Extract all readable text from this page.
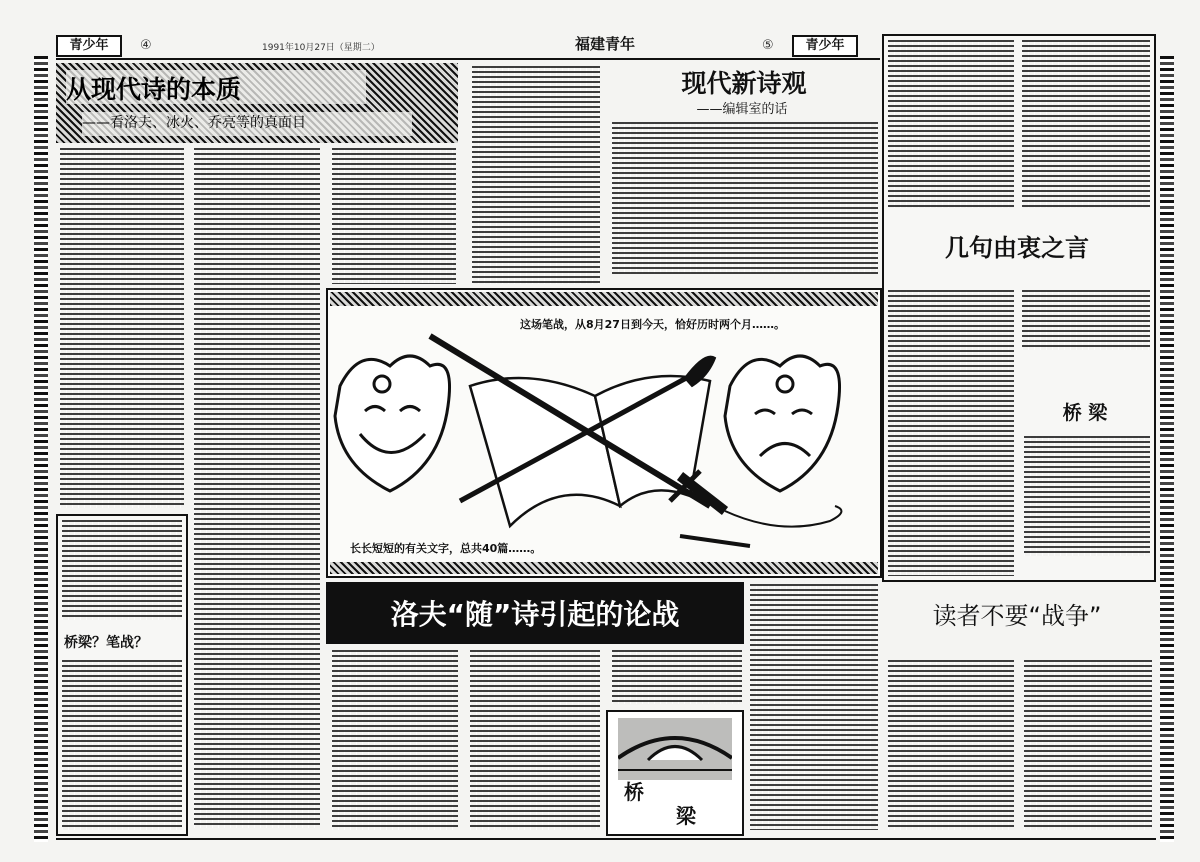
青少年	④	1991年10月27日（星期二）	福建青年	⑤	青少年
从现代诗的本质
——看洛夫、冰火、乔亮等的真面目
桥梁？笔战？
现代新诗观
——编辑室的话
几句由衷之言
桥 梁
这场笔战，从8月27日到今天，恰好历时两个月……。
长长短短的有关文字，总共40篇……。
洛夫“随”诗引起的论战
桥
梁
读者不要“战争”
